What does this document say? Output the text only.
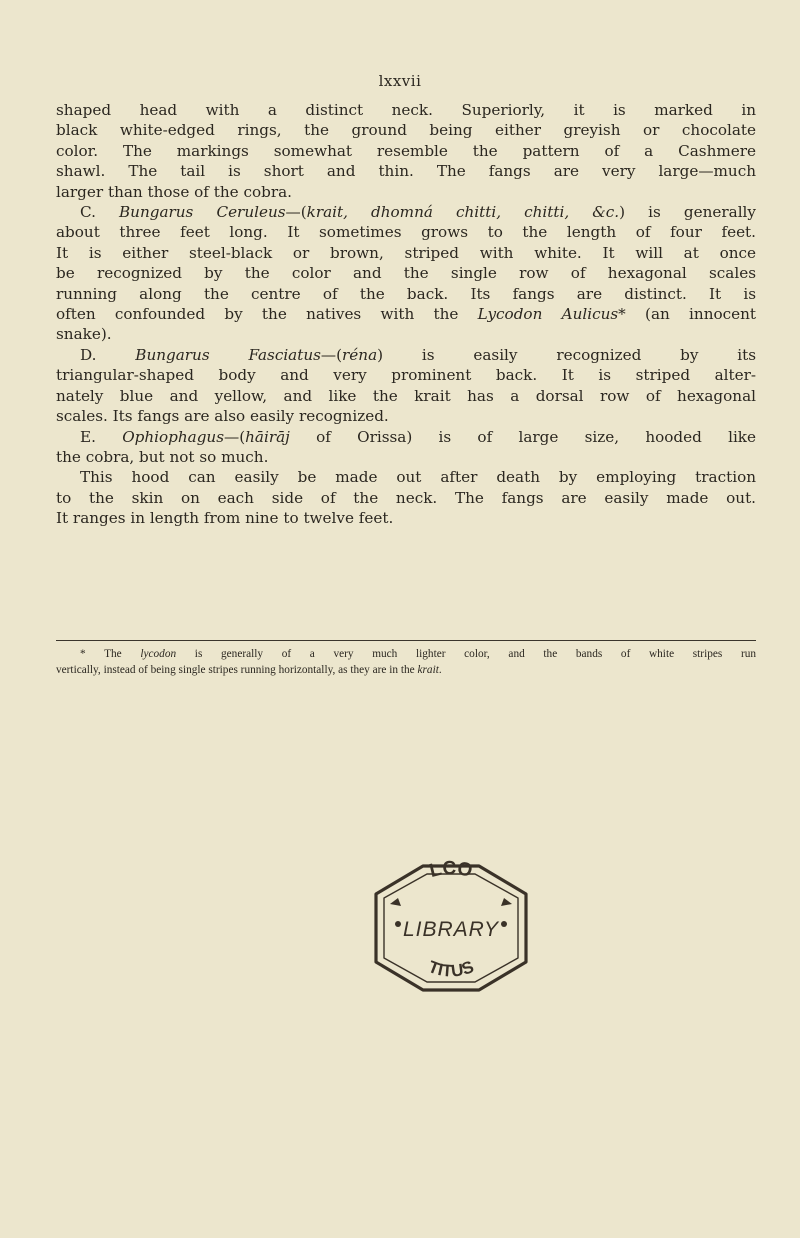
lxxvii
shaped head with a distinct neck. Superiorly, it is marked in
black white-edged rings, the ground being either greyish or chocolate
color. The markings somewhat resemble the pattern of a Cashmere
shawl. The tail is short and thin. The fangs are very large—much
larger than those of the cobra.
C. Bungarus Ceruleus—(krait, dhomná chitti, chitti, &c.) is generally
about three feet long. It sometimes grows to the length of four feet.
It is either steel-black or brown, striped with white. It will at once
be recognized by the color and the single row of hexagonal scales
running along the centre of the back. Its fangs are distinct. It is
often confounded by the natives with the Lycodon Aulicus* (an innocent
snake).
D.	Bungarus Fasciatus—(réna) is easily recognized by its
triangular-shaped body and very prominent back. It is striped alter-
nately blue and yellow, and like the krait has a dorsal row of hexagonal
scales. Its fangs are also easily recognized.
E. Ophiophagus—(hāirāj of Orissa) is of large size, hooded like
the cobra, but not so much.
This hood can easily be made out after death by employing traction
to the skin on each side of the neck. The fangs are easily made out.
It ranges in length from nine to twelve feet.
* The lycodon is generally of a very much lighter color, and the bands of white stripes run
vertically, instead of being single stripes running horizontally, as they are in the krait.
LCO
LIBRARY
TITUS
